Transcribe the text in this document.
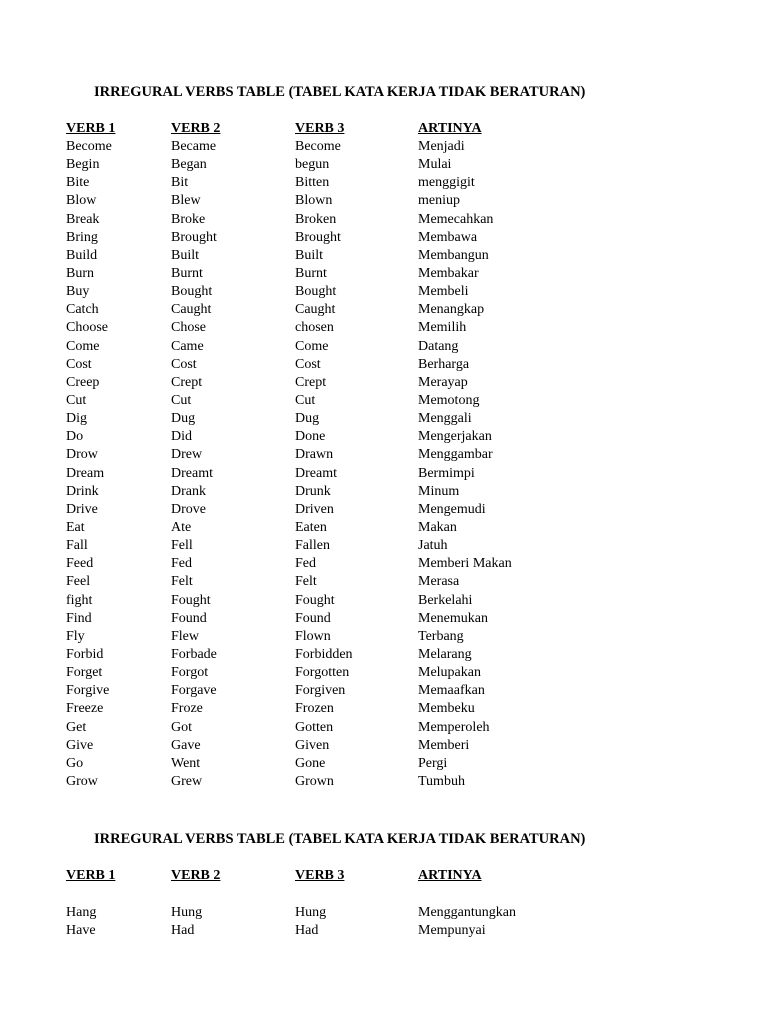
IRREGURAL VERBS TABLE (TABEL KATA KERJA TIDAK BERATURAN)
VERB 1	VERB 2	VERB 3	ARTINYA
Become	Became	Become	Menjadi
Begin	Began	begun	Mulai
Bite	Bit	Bitten	menggigit
Blow	Blew	Blown	meniup
Break	Broke	Broken	Memecahkan
Bring	Brought	Brought	Membawa
Build	Built	Built	Membangun
Burn	Burnt	Burnt	Membakar
Buy	Bought	Bought	Membeli
Catch	Caught	Caught	Menangkap
Choose	Chose	chosen	Memilih
Come	Came	Come	Datang
Cost	Cost	Cost	Berharga
Creep	Crept	Crept	Merayap
Cut	Cut	Cut	Memotong
Dig	Dug	Dug	Menggali
Do	Did	Done	Mengerjakan
Drow	Drew	Drawn	Menggambar
Dream	Dreamt	Dreamt	Bermimpi
Drink	Drank	Drunk	Minum
Drive	Drove	Driven	Mengemudi
Eat	Ate	Eaten	Makan
Fall	Fell	Fallen	Jatuh
Feed	Fed	Fed	Memberi Makan
Feel	Felt	Felt	Merasa
fight	Fought	Fought	Berkelahi
Find	Found	Found	Menemukan
Fly	Flew	Flown	Terbang
Forbid	Forbade	Forbidden	Melarang
Forget	Forgot	Forgotten	Melupakan
Forgive	Forgave	Forgiven	Memaafkan
Freeze	Froze	Frozen	Membeku
Get	Got	Gotten	Memperoleh
Give	Gave	Given	Memberi
Go	Went	Gone	Pergi
Grow	Grew	Grown	Tumbuh
IRREGURAL VERBS TABLE (TABEL KATA KERJA TIDAK BERATURAN)
VERB 1	VERB 2	VERB 3	ARTINYA
Hang	Hung	Hung	Menggantungkan
Have	Had	Had	Mempunyai
